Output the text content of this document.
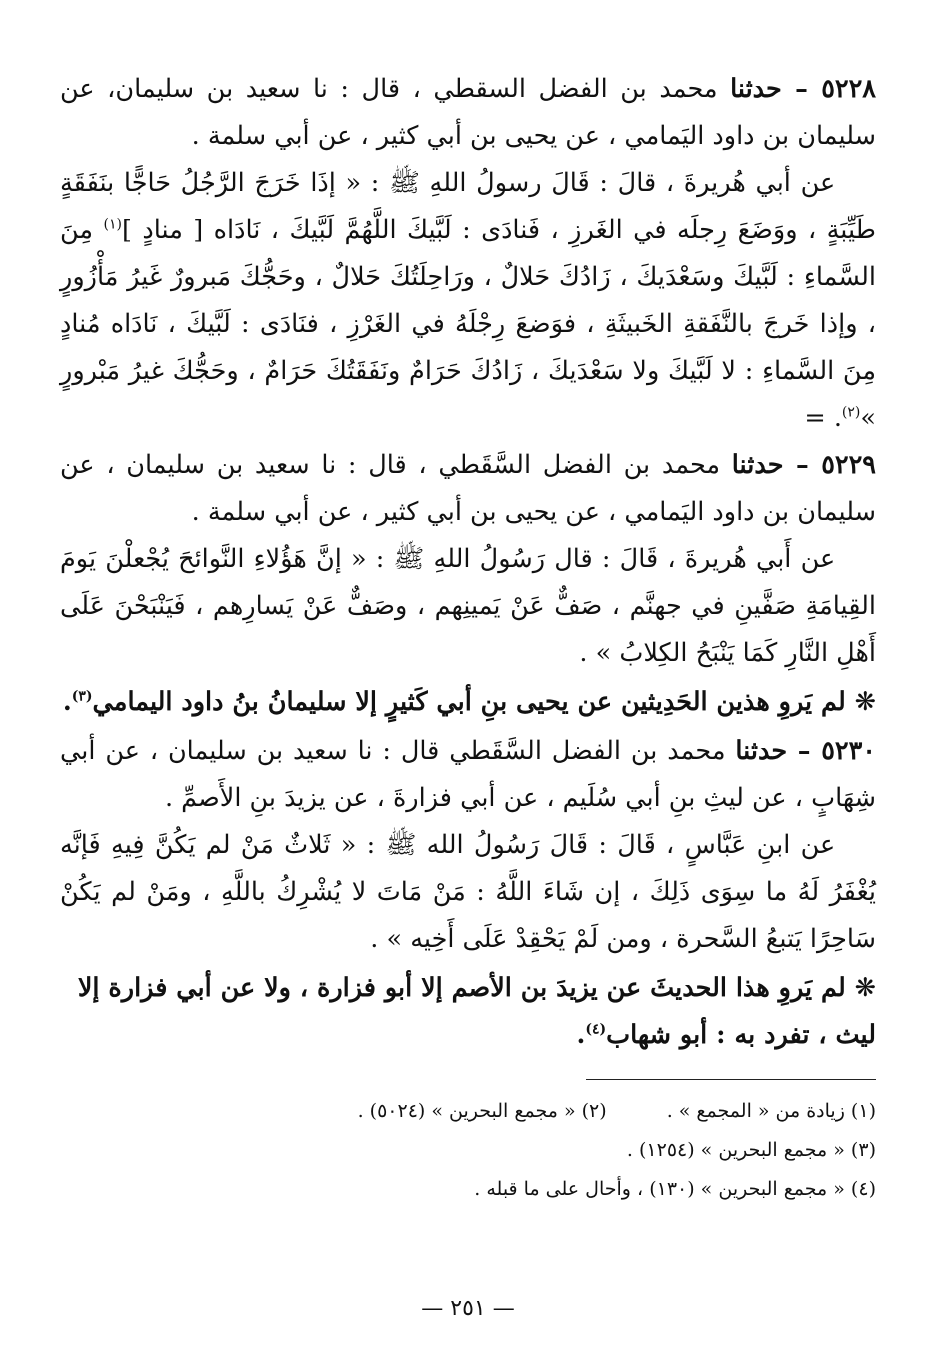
٥٢٢٨ – حدثنا محمد بن الفضل السقطي ، قال : نا سعيد بن سليمان، عن سليمان بن داود اليَمامي ، عن يحيى بن أبي كثير ، عن أبي سلمة .

عن أبي هُريرةَ ، قالَ : قَالَ رسولُ اللهِ ﷺ : « إذَا خَرَجَ الرَّجُلُ حَاجًّا بنَفَقَةٍ طَيِّبَةٍ ، ووَضَعَ رِجلَه في الغَرزِ ، فَنادَى : لَبَّيكَ اللَّهُمَّ لَبَّيكَ ، نَادَاه [ منادٍ ]$^{(١)}$ مِنَ السَّماءِ : لَبَّيكَ وسَعْدَيكَ ، زَادُكَ حَلالٌ ، ورَاحِلَتُكَ حَلالٌ ، وحَجُّكَ مَبرورٌ غَيرُ مَأْزُورٍ ، وإذا خَرجَ بالنَّفَقةِ الخَبيثَةِ ، فوَضعَ رِجْلَهُ في الغَرْزِ ، فنَادَى : لَبَّيكَ ، نَادَاه مُنادٍ مِنَ السَّماءِ : لا لَبَّيكَ ولا سَعْدَيكَ ، زَادُكَ حَرَامٌ ونَفَقَتُكَ حَرَامٌ ، وحَجُّكَ غيرُ مَبْرورٍ »$^{(٢)}$. =

٥٢٢٩ – حدثنا محمد بن الفضل السَّقَطي ، قال : نا سعيد بن سليمان ، عن سليمان بن داود اليَمامي ، عن يحيى بن أبي كثير ، عن أبي سلمة .

عن أَبي هُريرةَ ، قَالَ : قال رَسُولُ اللهِ ﷺ : « إنَّ هَؤُلاءِ النَّوائحَ يُجْعلْنَ يَومَ القِيامَةِ صَفَّينِ في جهنَّم ، صَفٌّ عَنْ يَمينِهم ، وصَفٌّ عَنْ يَسارِهم ، فَيَنْبَحْنَ عَلَى أَهْلِ النَّارِ كَمَا يَنْبَحُ الكِلابُ » .

❋ لم يَروِ هذين الحَدِيثين عن يحيى بنِ أبي كَثيرٍ إلا سليمانُ بنُ داود اليمامي$^{(٣)}$.

٥٢٣٠ – حدثنا محمد بن الفضل السَّقَطي قال : نا سعيد بن سليمان ، عن أبي شِهَابٍ ، عن ليثِ بنِ أبي سُلَيم ، عن أبي فزارةَ ، عن يزيدَ بنِ الأَصمِّ .

عن ابنِ عَبَّاسٍ ، قَالَ : قَالَ رَسُولُ الله ﷺ : « ثَلاثٌ مَنْ لم يَكُنَّ فِيهِ فَإنَّه يُغْفَرُ لَهُ ما سِوَى ذَلِكَ ، إن شَاءَ اللَّهُ : مَنْ مَاتَ لا يُشْرِكُ باللَّهِ ، ومَنْ لم يَكُنْ سَاحِرًا يَتبعُ السَّحرة ، ومن لَمْ يَحْقِدْ عَلَى أَخِيه » .

❋ لم يَروِ هذا الحديثَ عن يزيدَ بن الأصم إلا أبو فزارة ، ولا عن أبي فزارة إلا ليث ، تفرد به : أبو شهاب$^{(٤)}$.

(١) زيادة من « المجمع » .
(٢) « مجمع البحرين » (٥٠٢٤) .
(٣) « مجمع البحرين » (١٢٥٤) .
(٤) « مجمع البحرين » (١٣٠) ، وأحال على ما قبله .
— ٢٥١ —
